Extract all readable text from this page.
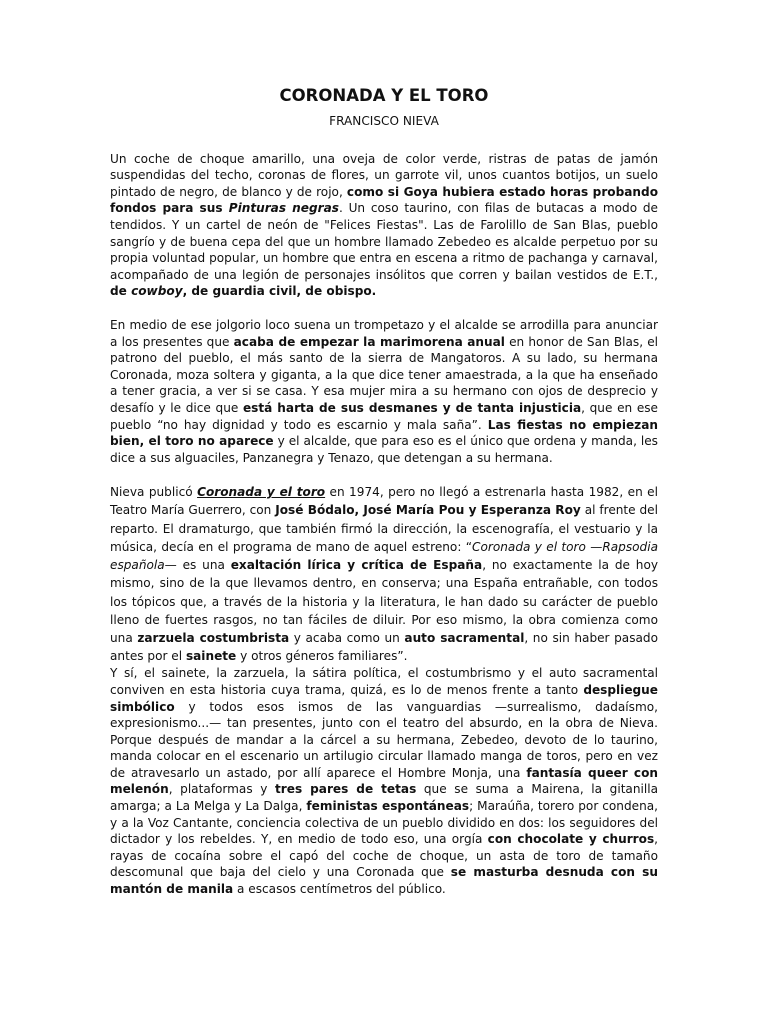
CORONADA Y EL TORO
FRANCISCO NIEVA

Un coche de choque amarillo, una oveja de color verde, ristras de patas de jamón suspendidas del techo, coronas de flores, un garrote vil, unos cuantos botijos, un suelo pintado de negro, de blanco y de rojo, como si Goya hubiera estado horas probando fondos para sus Pinturas negras. Un coso taurino, con filas de butacas a modo de tendidos. Y un cartel de neón de "Felices Fiestas". Las de Farolillo de San Blas, pueblo sangrío y de buena cepa del que un hombre llamado Zebedeo es alcalde perpetuo por su propia voluntad popular, un hombre que entra en escena a ritmo de pachanga y carnaval, acompañado de una legión de personajes insólitos que corren y bailan vestidos de E.T., de cowboy, de guardia civil, de obispo.

En medio de ese jolgorio loco suena un trompetazo y el alcalde se arrodilla para anunciar a los presentes que acaba de empezar la marimorena anual en honor de San Blas, el patrono del pueblo, el más santo de la sierra de Mangatoros. A su lado, su hermana Coronada, moza soltera y giganta, a la que dice tener amaestrada, a la que ha enseñado a tener gracia, a ver si se casa. Y esa mujer mira a su hermano con ojos de desprecio y desafío y le dice que está harta de sus desmanes y de tanta injusticia, que en ese pueblo “no hay dignidad y todo es escarnio y mala saña”. Las fiestas no empiezan bien, el toro no aparece y el alcalde, que para eso es el único que ordena y manda, les dice a sus alguaciles, Panzanegra y Tenazo, que detengan a su hermana.

Nieva publicó Coronada y el toro en 1974, pero no llegó a estrenarla hasta 1982, en el Teatro María Guerrero, con José Bódalo, José María Pou y Esperanza Roy al frente del reparto. El dramaturgo, que también firmó la dirección, la escenografía, el vestuario y la música, decía en el programa de mano de aquel estreno: “Coronada y el toro —Rapsodia española— es una exaltación lírica y crítica de España, no exactamente la de hoy mismo, sino de la que llevamos dentro, en conserva; una España entrañable, con todos los tópicos que, a través de la historia y la literatura, le han dado su carácter de pueblo lleno de fuertes rasgos, no tan fáciles de diluir. Por eso mismo, la obra comienza como una zarzuela costumbrista y acaba como un auto sacramental, no sin haber pasado antes por el sainete y otros géneros familiares”.

Y sí, el sainete, la zarzuela, la sátira política, el costumbrismo y el auto sacramental conviven en esta historia cuya trama, quizá, es lo de menos frente a tanto despliegue simbólico y todos esos ismos de las vanguardias —surrealismo, dadaísmo, expresionismo...— tan presentes, junto con el teatro del absurdo, en la obra de Nieva. Porque después de mandar a la cárcel a su hermana, Zebedeo, devoto de lo taurino, manda colocar en el escenario un artilugio circular llamado manga de toros, pero en vez de atravesarlo un astado, por allí aparece el Hombre Monja, una fantasía queer con melenón, plataformas y tres pares de tetas que se suma a Mairena, la gitanilla amarga; a La Melga y La Dalga, feministas espontáneas; Maraúña, torero por condena, y a la Voz Cantante, conciencia colectiva de un pueblo dividido en dos: los seguidores del dictador y los rebeldes. Y, en medio de todo eso, una orgía con chocolate y churros, rayas de cocaína sobre el capó del coche de choque, un asta de toro de tamaño descomunal que baja del cielo y una Coronada que se masturba desnuda con su mantón de manila a escasos centímetros del público.
